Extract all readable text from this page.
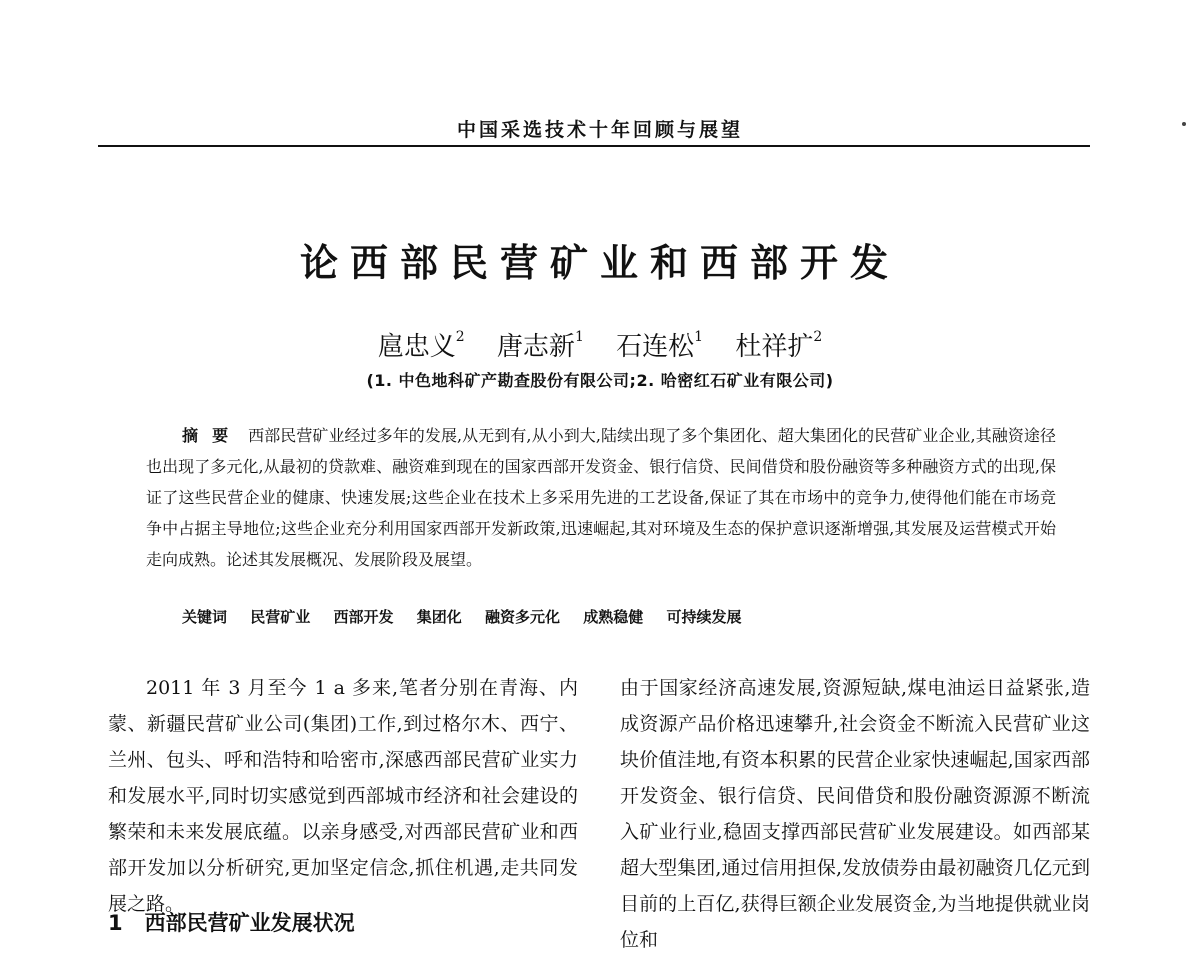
中国采选技术十年回顾与展望
论西部民营矿业和西部开发
扈忠义$^2$ 唐志新$^1$ 石连松$^1$ 杜祥扩$^2$
(1. 中色地科矿产勘查股份有限公司;2. 哈密红石矿业有限公司)
摘要 西部民营矿业经过多年的发展,从无到有,从小到大,陆续出现了多个集团化、超大集团化的民营矿业企业,其融资途径也出现了多元化,从最初的贷款难、融资难到现在的国家西部开发资金、银行信贷、民间借贷和股份融资等多种融资方式的出现,保证了这些民营企业的健康、快速发展;这些企业在技术上多采用先进的工艺设备,保证了其在市场中的竞争力,使得他们能在市场竞争中占据主导地位;这些企业充分利用国家西部开发新政策,迅速崛起,其对环境及生态的保护意识逐渐增强,其发展及运营模式开始走向成熟。论述其发展概况、发展阶段及展望。
关键词 民营矿业 西部开发 集团化 融资多元化 成熟稳健 可持续发展

2011 年 3 月至今 1 a 多来,笔者分别在青海、内蒙、新疆民营矿业公司(集团)工作,到过格尔木、西宁、兰州、包头、呼和浩特和哈密市,深感西部民营矿业实力和发展水平,同时切实感觉到西部城市经济和社会建设的繁荣和未来发展底蕴。以亲身感受,对西部民营矿业和西部开发加以分析研究,更加坚定信念,抓住机遇,走共同发展之路。

1 西部民营矿业发展状况

由于国家经济高速发展,资源短缺,煤电油运日益紧张,造成资源产品价格迅速攀升,社会资金不断流入民营矿业这块价值洼地,有资本积累的民营企业家快速崛起,国家西部开发资金、银行信贷、民间借贷和股份融资源源不断流入矿业行业,稳固支撑西部民营矿业发展建设。如西部某超大型集团,通过信用担保,发放债券由最初融资几亿元到目前的上百亿,获得巨额企业发展资金,为当地提供就业岗位和
